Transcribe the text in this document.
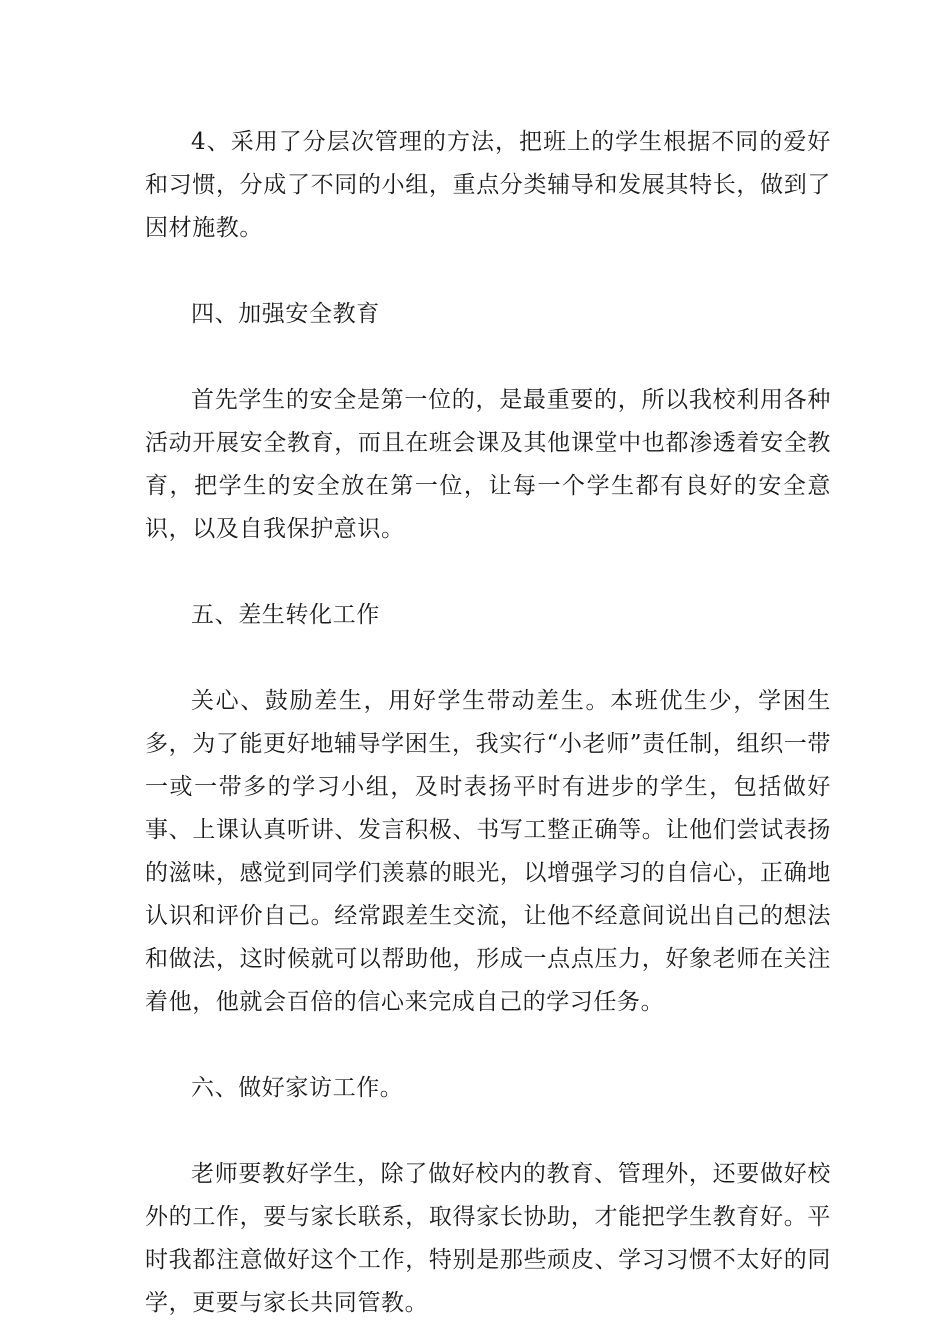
4、采用了分层次管理的方法，把班上的学生根据不同的爱好和习惯，分成了不同的小组，重点分类辅导和发展其特长，做到了因材施教。

四、加强安全教育

首先学生的安全是第一位的，是最重要的，所以我校利用各种活动开展安全教育，而且在班会课及其他课堂中也都渗透着安全教育，把学生的安全放在第一位，让每一个学生都有良好的安全意识，以及自我保护意识。

五、差生转化工作

关心、鼓励差生，用好学生带动差生。本班优生少，学困生多，为了能更好地辅导学困生，我实行“小老师”责任制，组织一带一或一带多的学习小组，及时表扬平时有进步的学生，包括做好事、上课认真听讲、发言积极、书写工整正确等。让他们尝试表扬的滋味，感觉到同学们羡慕的眼光，以增强学习的自信心，正确地认识和评价自己。经常跟差生交流，让他不经意间说出自己的想法和做法，这时候就可以帮助他，形成一点点压力，好象老师在关注着他，他就会百倍的信心来完成自己的学习任务。

六、做好家访工作。

老师要教好学生，除了做好校内的教育、管理外，还要做好校外的工作，要与家长联系，取得家长协助，才能把学生教育好。平时我都注意做好这个工作，特别是那些顽皮、学习习惯不太好的同学，更要与家长共同管教。
